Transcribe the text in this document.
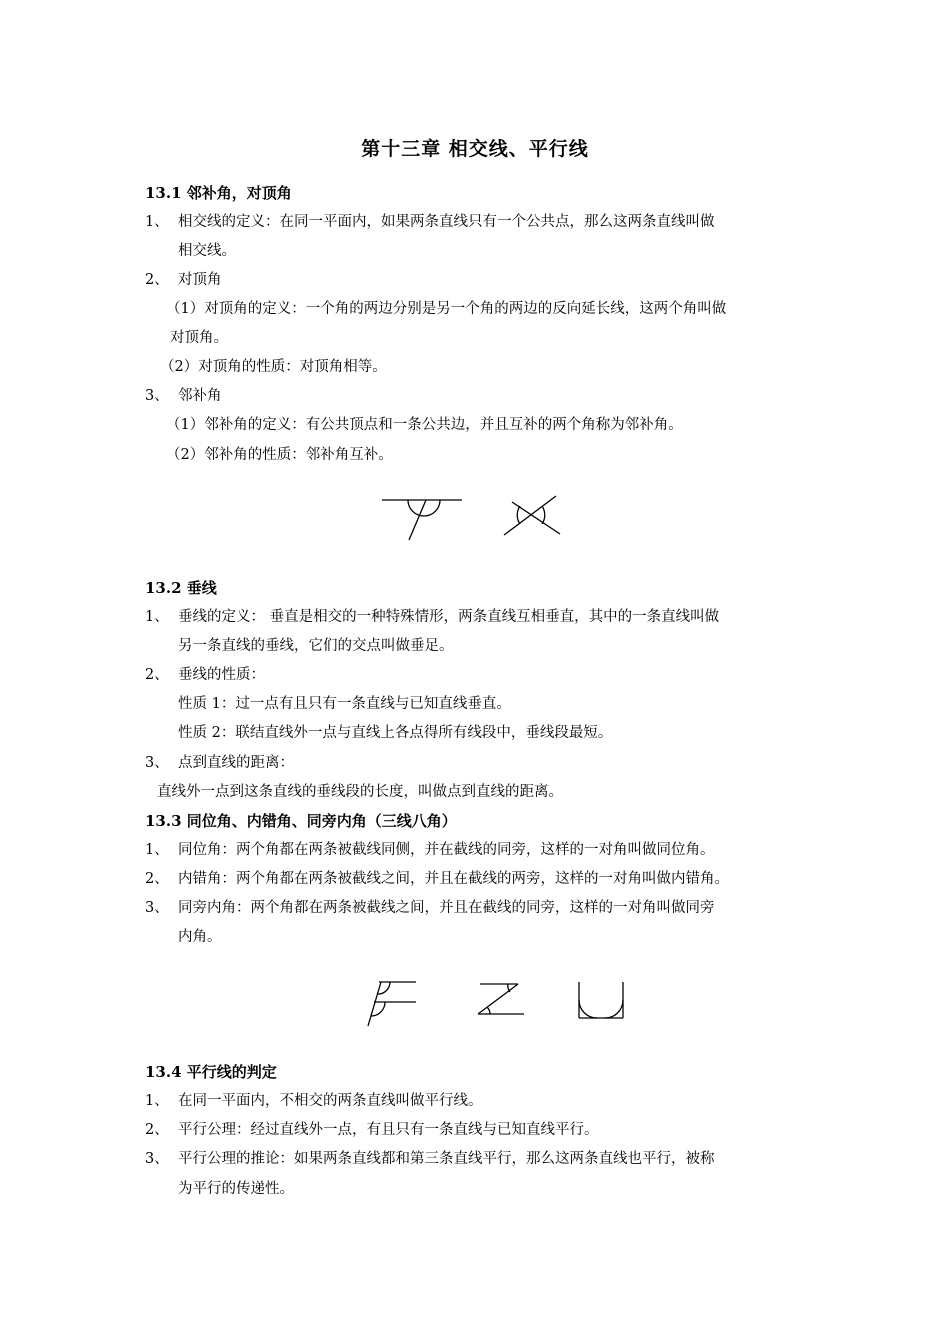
第十三章 相交线、平行线
13.1 邻补角，对顶角
1、 相交线的定义：在同一平面内，如果两条直线只有一个公共点，那么这两条直线叫做
相交线。
2、 对顶角
（1）对顶角的定义：一个角的两边分别是另一个角的两边的反向延长线，这两个角叫做
对顶角。
（2）对顶角的性质：对顶角相等。
3、 邻补角
（1）邻补角的定义：有公共顶点和一条公共边，并且互补的两个角称为邻补角。
（2）邻补角的性质：邻补角互补。
13.2 垂线
1、 垂线的定义： 垂直是相交的一种特殊情形，两条直线互相垂直，其中的一条直线叫做
另一条直线的垂线，它们的交点叫做垂足。
2、 垂线的性质：
性质 1：过一点有且只有一条直线与已知直线垂直。
性质 2：联结直线外一点与直线上各点得所有线段中，垂线段最短。
3、 点到直线的距离：
直线外一点到这条直线的垂线段的长度，叫做点到直线的距离。
13.3 同位角、内错角、同旁内角（三线八角）
1、 同位角：两个角都在两条被截线同侧，并在截线的同旁，这样的一对角叫做同位角。
2、 内错角：两个角都在两条被截线之间，并且在截线的两旁，这样的一对角叫做内错角。
3、 同旁内角：两个角都在两条被截线之间，并且在截线的同旁，这样的一对角叫做同旁
内角。
13.4 平行线的判定
1、 在同一平面内，不相交的两条直线叫做平行线。
2、 平行公理：经过直线外一点，有且只有一条直线与已知直线平行。
3、 平行公理的推论：如果两条直线都和第三条直线平行，那么这两条直线也平行，被称
为平行的传递性。
